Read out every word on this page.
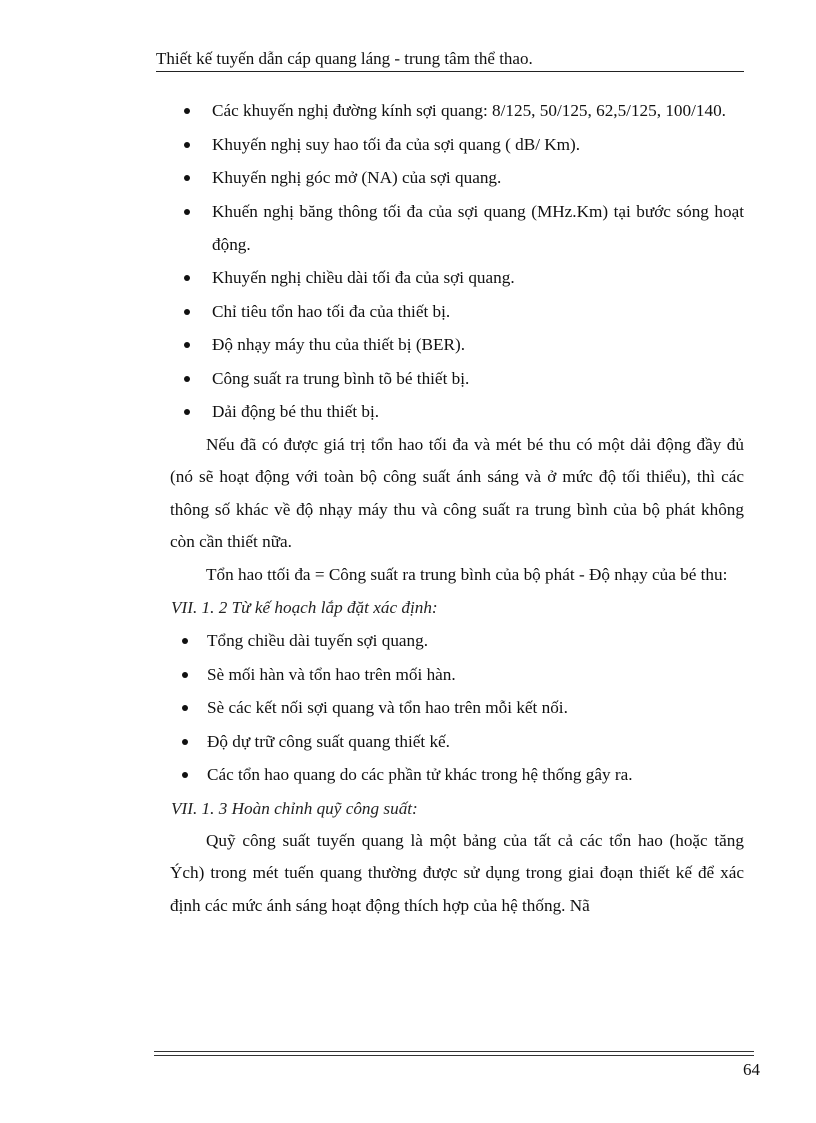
Thiết kế tuyến dẫn cáp quang láng - trung tâm thể thao.
Các khuyến nghị đường kính sợi quang: 8/125, 50/125, 62,5/125, 100/140.
Khuyến nghị suy hao tối đa của sợi quang ( dB/ Km).
Khuyến nghị góc mở (NA) của sợi quang.
Khuến nghị băng thông tối đa của sợi quang (MHz.Km) tại bước sóng hoạt động.
Khuyến nghị chiều dài tối đa của sợi quang.
Chỉ tiêu tổn hao tối đa của thiết bị.
Độ nhạy máy thu của thiết bị (BER).
Công suất ra trung bình tõ bé thiết bị.
Dải động bé thu thiết bị.

Nếu đã có được giá trị tổn hao tối đa và mét bé thu có một dải động đầy đủ (nó sẽ hoạt động với toàn bộ công suất ánh sáng và ở mức độ tối thiểu), thì các thông số khác về độ nhạy máy thu và công suất ra trung bình của bộ phát không còn cần thiết nữa.

Tổn hao ttối đa = Công suất ra trung bình của bộ phát - Độ nhạy của bé thu:

VII. 1. 2 Từ kế hoạch lắp đặt xác định:

Tổng chiều dài tuyến sợi quang.
Sè mối hàn và tổn hao trên mối hàn.
Sè các kết nối sợi quang và tổn hao trên mỗi kết nối.
Độ dự trữ công suất quang thiết kế.
Các tổn hao quang do các phần tử khác trong hệ thống gây ra.

VII. 1. 3 Hoàn chỉnh quỹ công suất:

Quỹ công suất tuyến quang là một bảng của tất cả các tổn hao (hoặc tăng Ých) trong mét tuến quang thường được sử dụng trong giai đoạn thiết kế để xác định các mức ánh sáng hoạt động thích hợp của hệ thống. Nã

64
